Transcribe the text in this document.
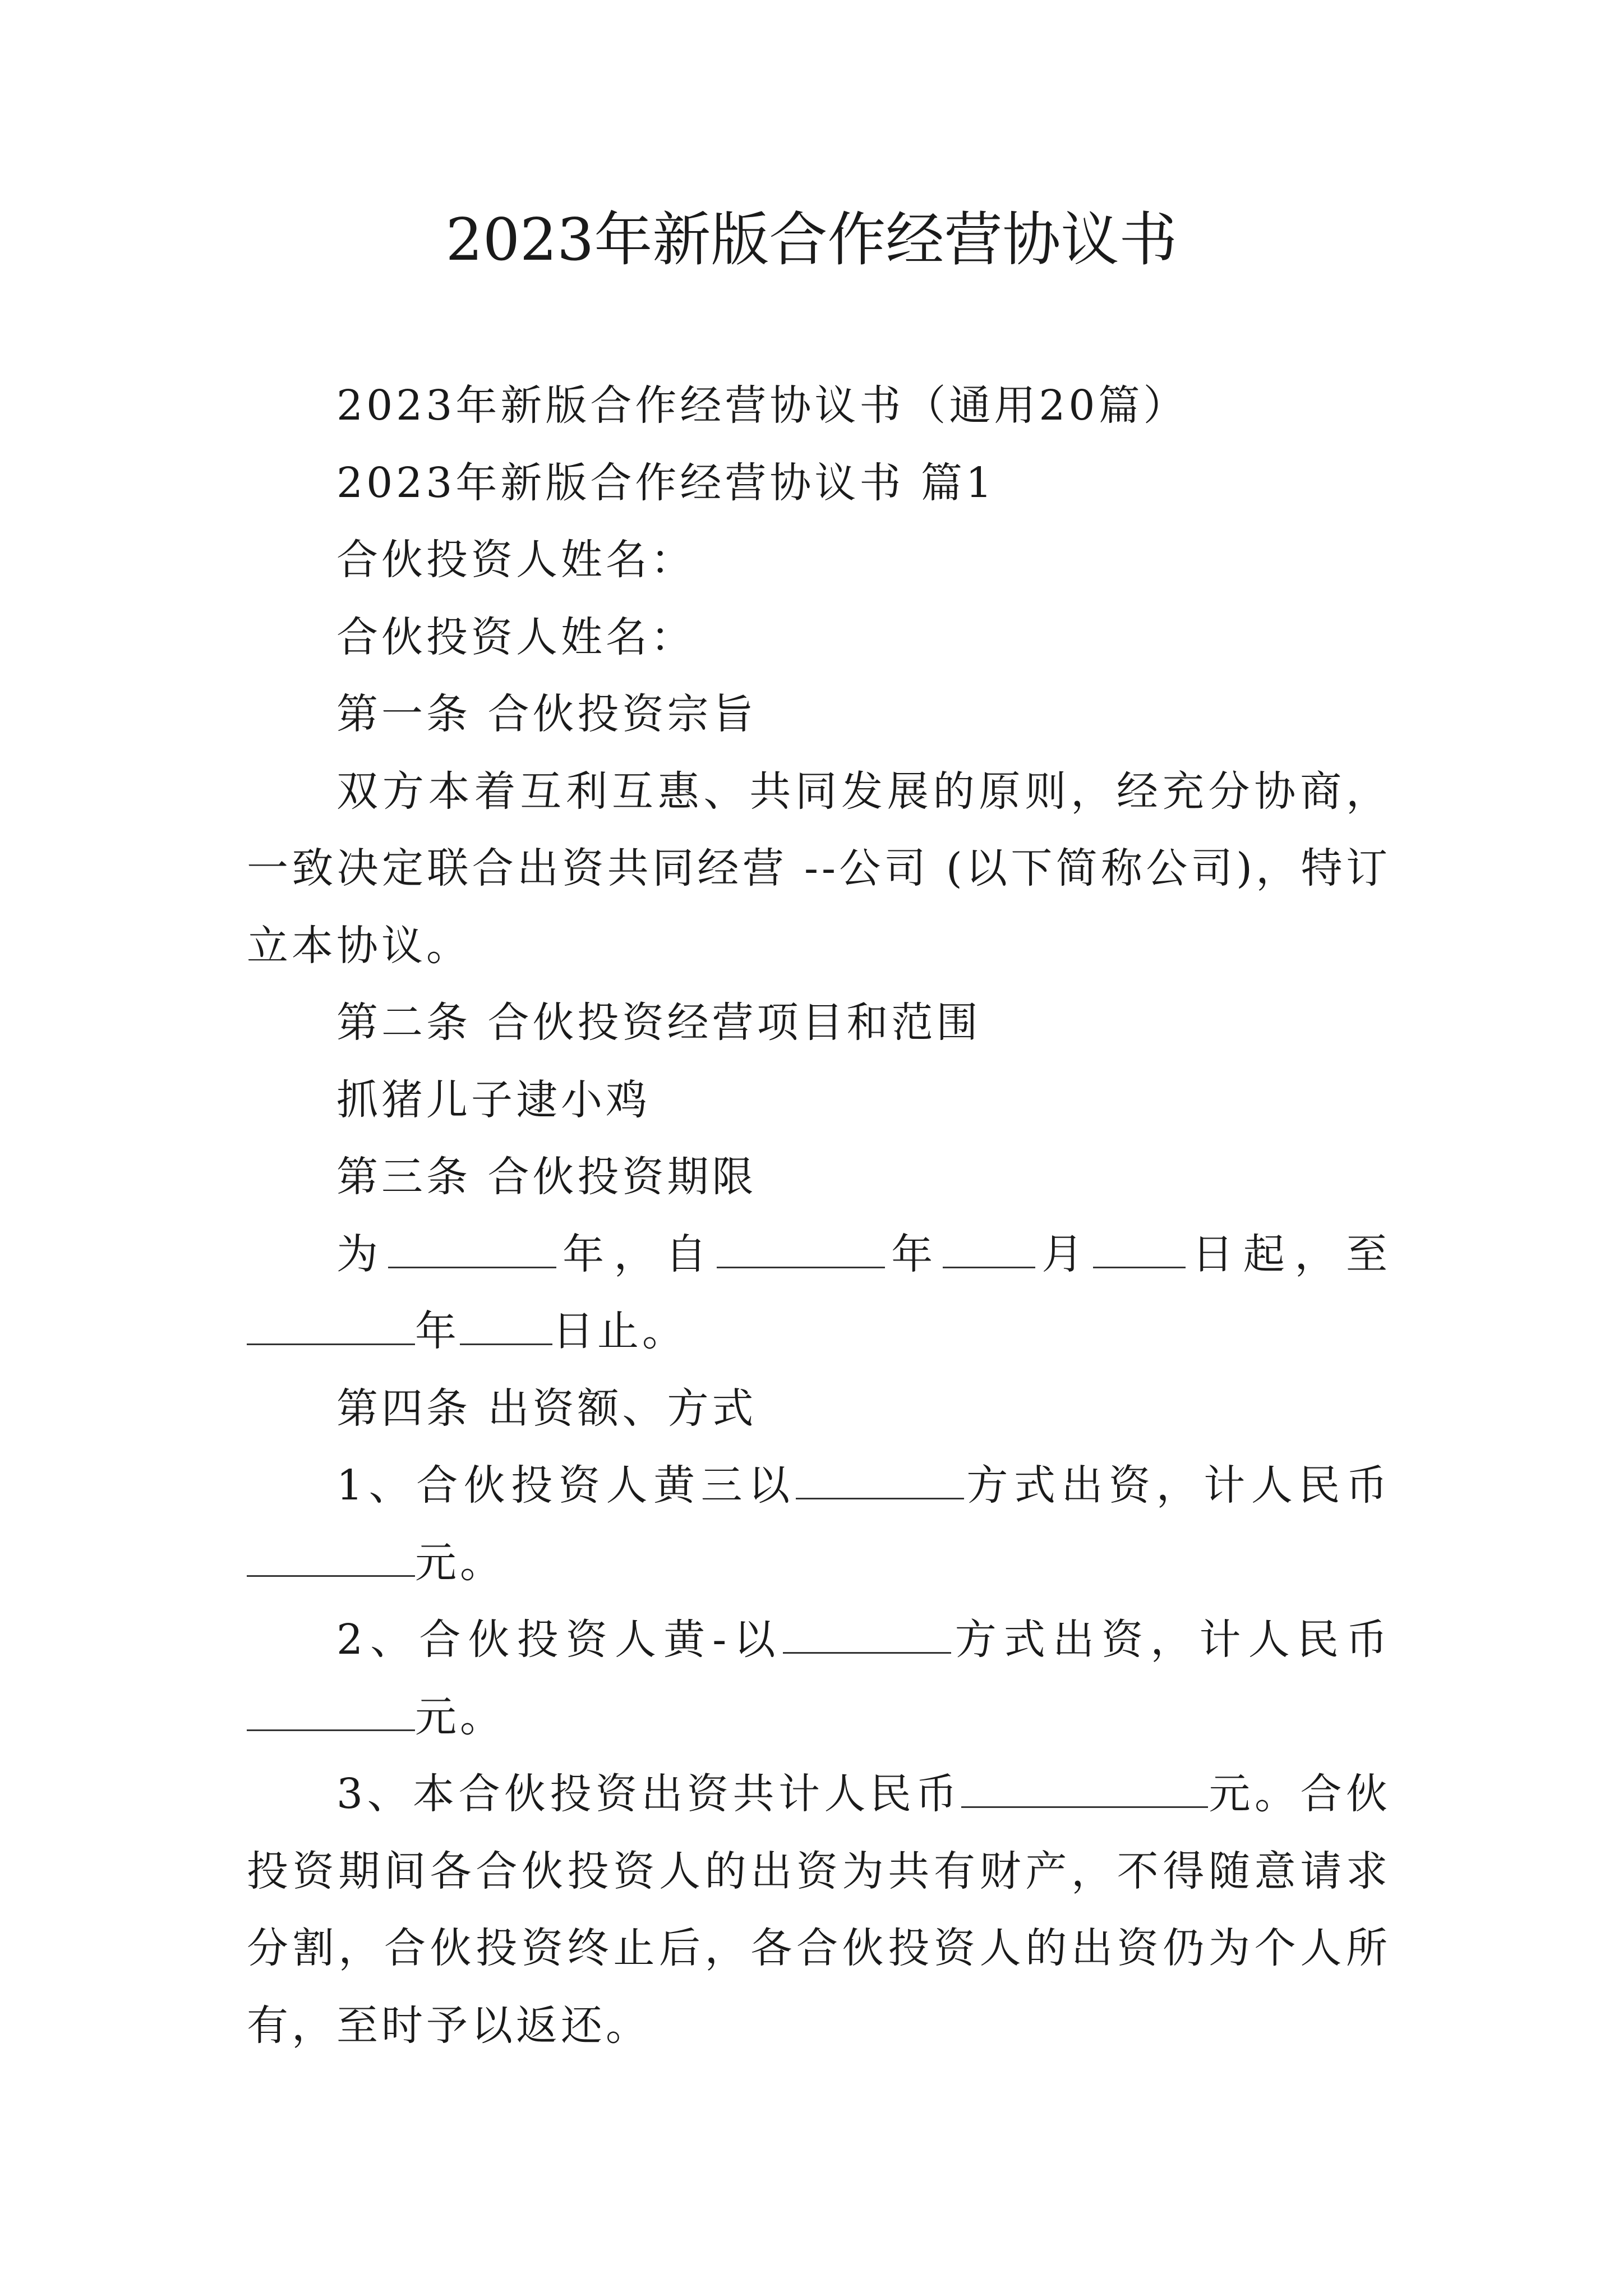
2023年新版合作经营协议书

2023年新版合作经营协议书（通用20篇）

2023年新版合作经营协议书 篇1

合伙投资人姓名：

合伙投资人姓名：

第一条 合伙投资宗旨

双方本着互利互惠、共同发展的原则，经充分协商，一致决定联合出资共同经营 --公司 (以下简称公司)，特订立本协议。

第二条 合伙投资经营项目和范围

抓猪儿子逮小鸡

第三条 合伙投资期限

为	年，自	年 月 日起，至年 日止。

第四条 出资额、方式

1、合伙投资人黄三以	方式出资，计人民币元。

2、合伙投资人黄-以	方式出资，计人民币元。

3、本合伙投资出资共计人民币	元。合伙投资期间各合伙投资人的出资为共有财产，不得随意请求分割，合伙投资终止后，各合伙投资人的出资仍为个人所有，至时予以返还。
